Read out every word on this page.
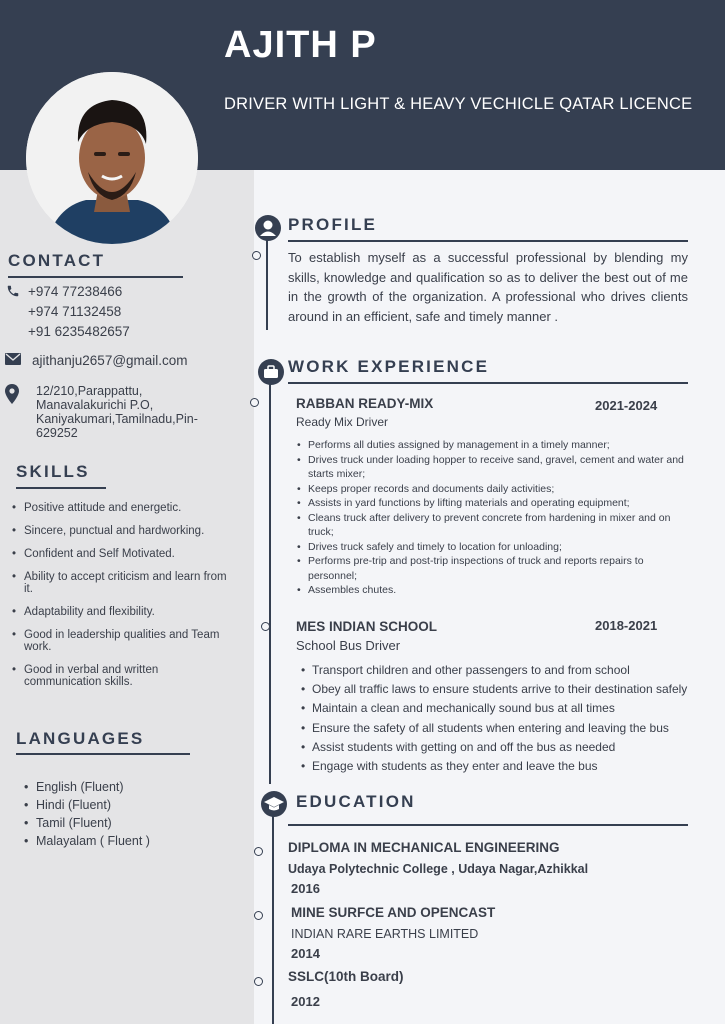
AJITH P
DRIVER WITH LIGHT & HEAVY VECHICLE QATAR LICENCE
CONTACT
+974 77238466
+974 71132458
+91 6235482657
ajithanju2657@gmail.com
12/210,Parappattu,
Manavalakurichi P.O,
Kaniyakumari,Tamilnadu,Pin-
629252
SKILLS
• Positive attitude and energetic.
• Sincere, punctual and hardworking.
• Confident and Self Motivated.
• Ability to accept criticism and learn from
it.
• Adaptability and flexibility.
• Good in leadership qualities and Team
work.
• Good in verbal and written
communication skills.
LANGUAGES
• English (Fluent)
• Hindi (Fluent)
• Tamil (Fluent)
• Malayalam ( Fluent )
PROFILE
To establish myself as a successful professional by blending my skills, knowledge and qualification so as to deliver the best out of me in the growth of the organization. A professional who drives clients around in an efficient, safe and timely manner .
WORK EXPERIENCE
RABBAN READY-MIX	2021-2024
Ready Mix Driver
• Performs all duties assigned by management in a timely manner;
• Drives truck under loading hopper to receive sand, gravel, cement and water and
starts mixer;
• Keeps proper records and documents daily activities;
• Assists in yard functions by lifting materials and operating equipment;
• Cleans truck after delivery to prevent concrete from hardening in mixer and on
truck;
• Drives truck safely and timely to location for unloading;
• Performs pre-trip and post-trip inspections of truck and reports repairs to
personnel;
• Assembles chutes.
MES INDIAN SCHOOL	2018-2021
School Bus Driver
• Transport children and other passengers to and from school
• Obey all traffic laws to ensure students arrive to their destination safely
• Maintain a clean and mechanically sound bus at all times
• Ensure the safety of all students when entering and leaving the bus
• Assist students with getting on and off the bus as needed
• Engage with students as they enter and leave the bus
EDUCATION
DIPLOMA IN MECHANICAL ENGINEERING
Udaya Polytechnic College , Udaya Nagar,Azhikkal
2016
MINE SURFCE AND OPENCAST
INDIAN RARE EARTHS LIMITED
2014
SSLC(10th Board)
2012
